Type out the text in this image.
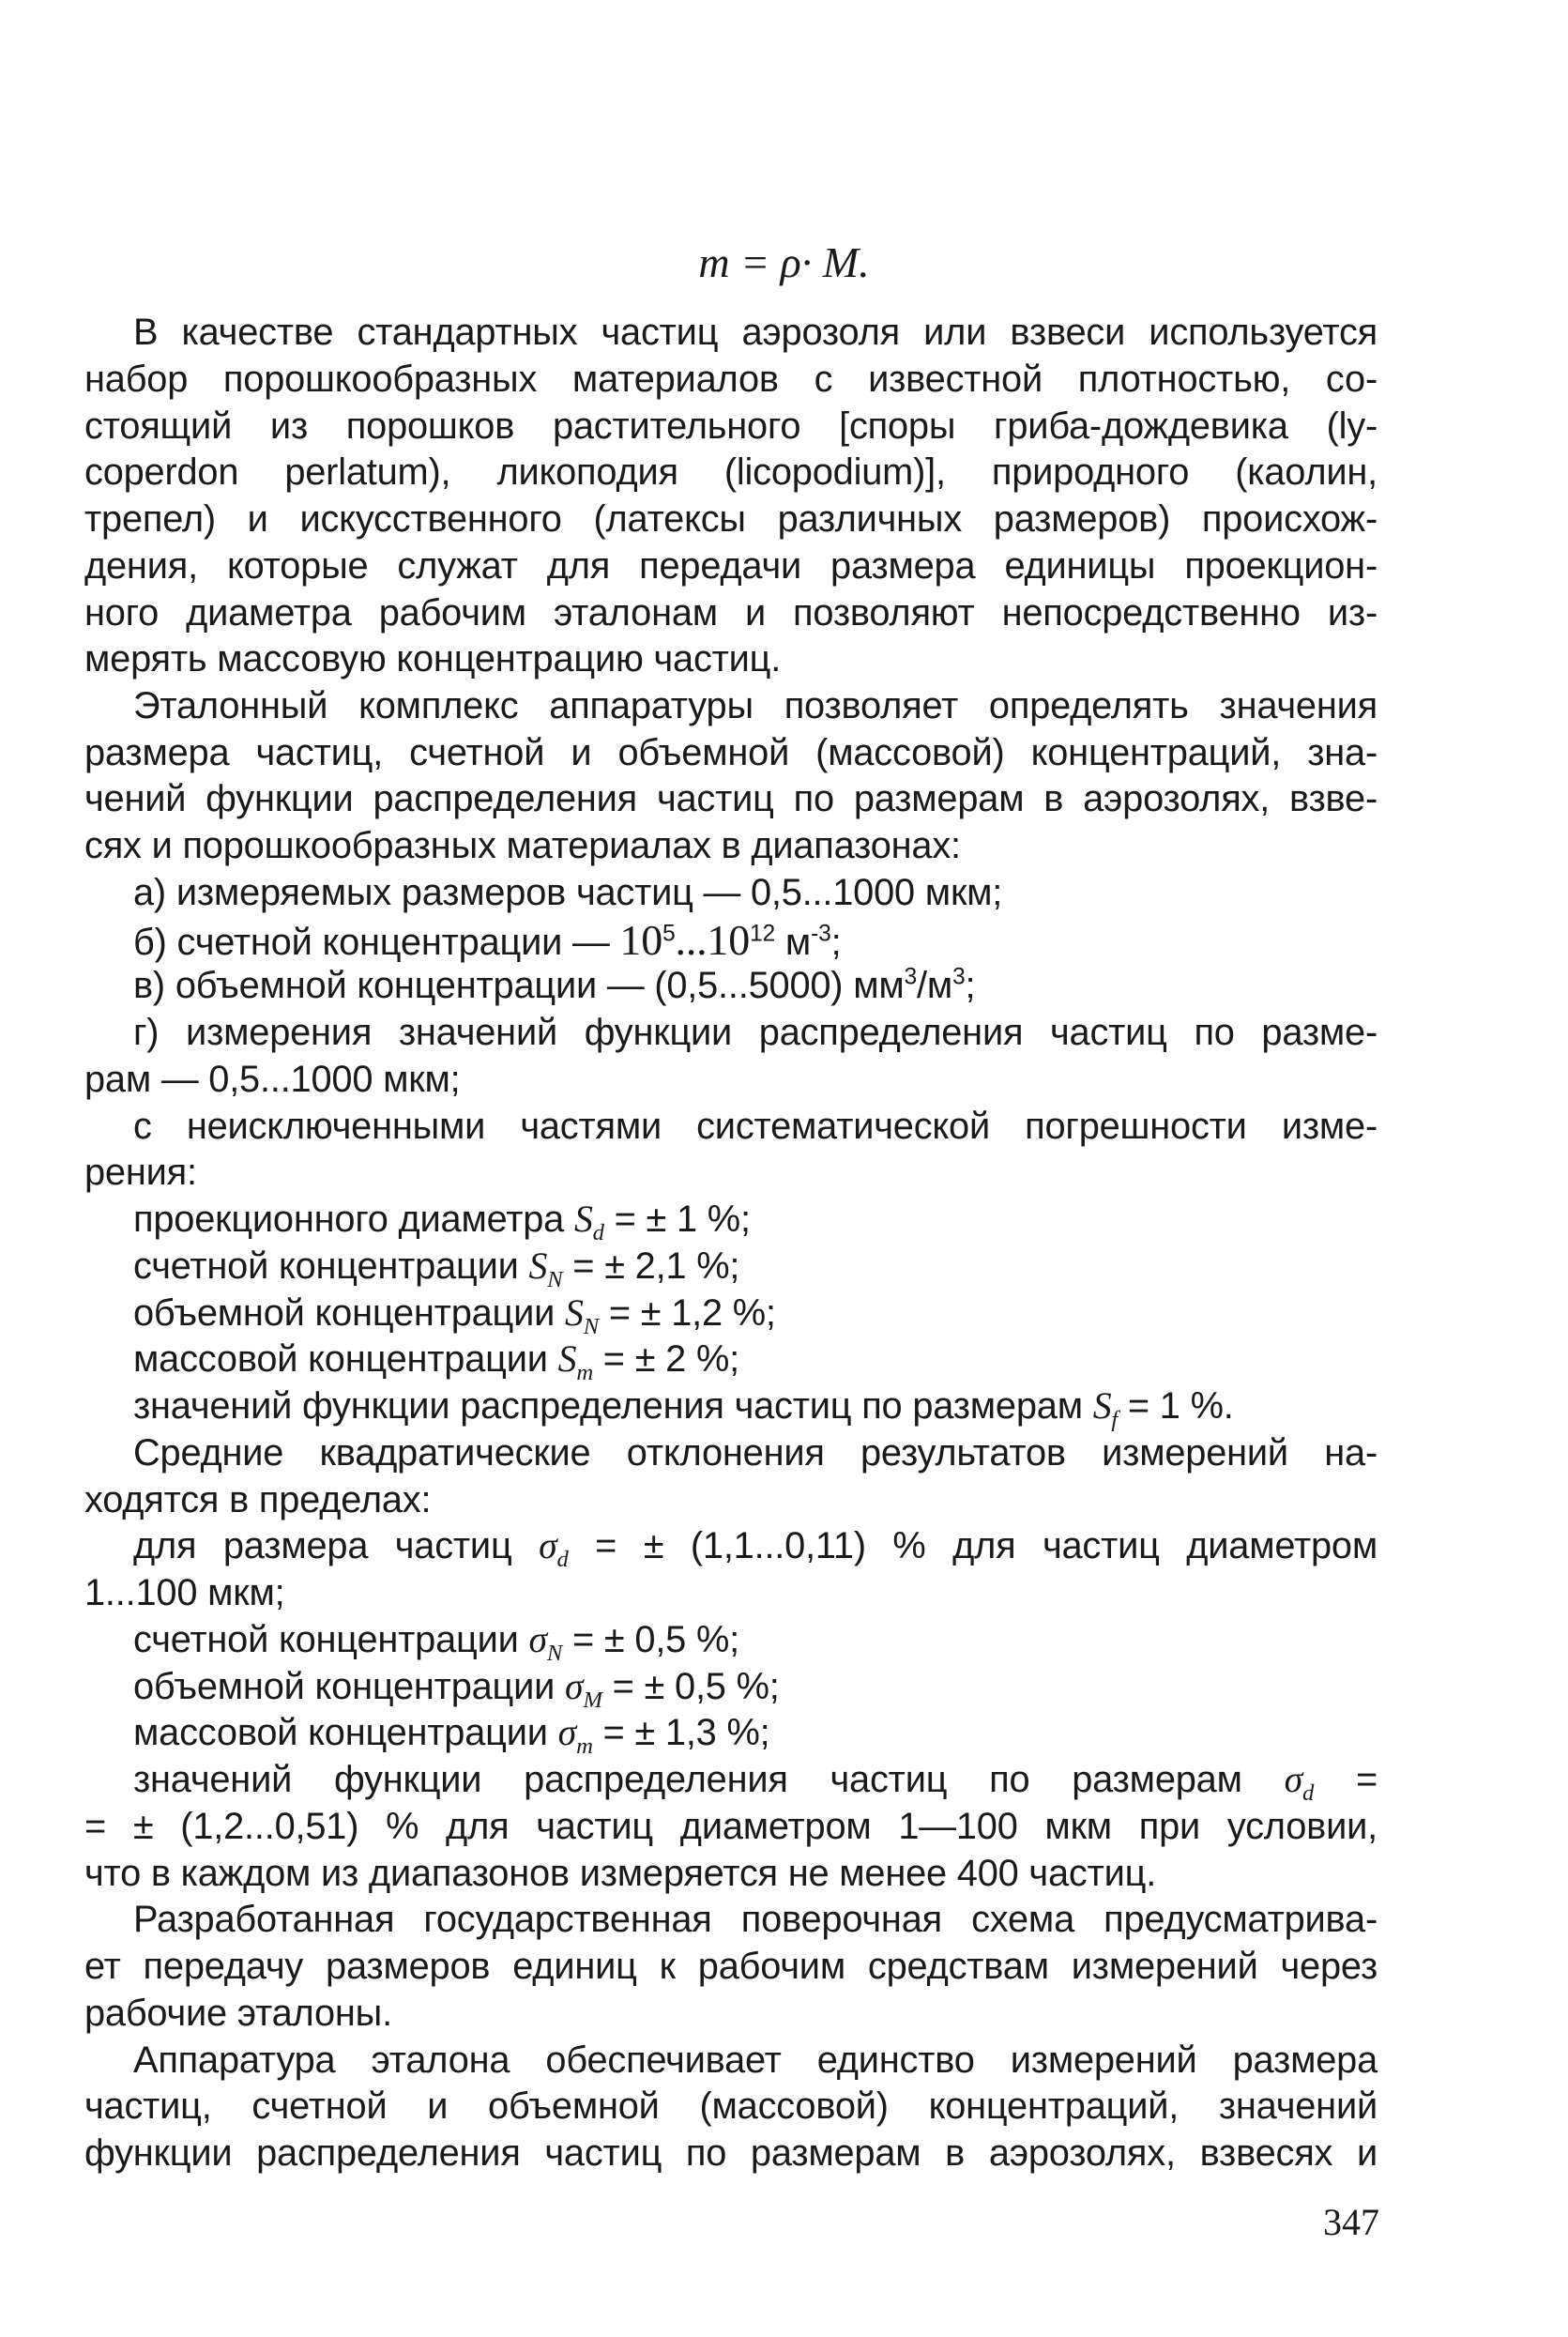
m = ρ· M.

В качестве стандартных частиц аэрозоля или взвеси используется

набор порошкообразных материалов с известной плотностью, со-

стоящий из порошков растительного [споры гриба-дождевика (ly-

coperdon perlatum), ликоподия (licopodium)], природного (каолин,

трепел) и искусственного (латексы различных размеров) происхож-

дения, которые служат для передачи размера единицы проекцион-

ного диаметра рабочим эталонам и позволяют непосредственно из-

мерять массовую концентрацию частиц.

Эталонный комплекс аппаратуры позволяет определять значения

размера частиц, счетной и объемной (массовой) концентраций, зна-

чений функции распределения частиц по размерам в аэрозолях, взве-

сях и порошкообразных материалах в диапазонах:

а) измеряемых размеров частиц — 0,5...1000 мкм;

б) счетной концентрации — $10^5...10^{12}$ $м^{-3}$;

в) объемной концентрации — (0,5...5000) $мм^3/м^3$;

г) измерения значений функции распределения частиц по разме-

рам — 0,5...1000 мкм;

с неисключенными частями систематической погрешности изме-

рения:

проекционного диаметра $S_d$ = ± 1 %;

счетной концентрации $S_N$ = ± 2,1 %;

объемной концентрации $S_N$ = ± 1,2 %;

массовой концентрации $S_m$ = ± 2 %;

значений функции распределения частиц по размерам $S_f = 1$ %.

Средние квадратические отклонения результатов измерений на-

ходятся в пределах:

для размера частиц $\sigma_d$ = ± (1,1...0,11) % для частиц диаметром

1...100 мкм;

счетной концентрации $\sigma_N$ = ± 0,5 %;

объемной концентрации $\sigma_M$ = ± 0,5 %;

массовой концентрации $\sigma_m$ = ± 1,3 %;

значений функции распределения частиц по размерам $\sigma_d$ =

= ± (1,2...0,51) % для частиц диаметром 1—100 мкм при условии,

что в каждом из диапазонов измеряется не менее 400 частиц.

Разработанная государственная поверочная схема предусматрива-

ет передачу размеров единиц к рабочим средствам измерений через

рабочие эталоны.

347

Аппаратура эталона обеспечивает единство измерений размера

частиц, счетной и объемной (массовой) концентраций, значений

функции распределения частиц по размерам в аэрозолях, взвесях и
